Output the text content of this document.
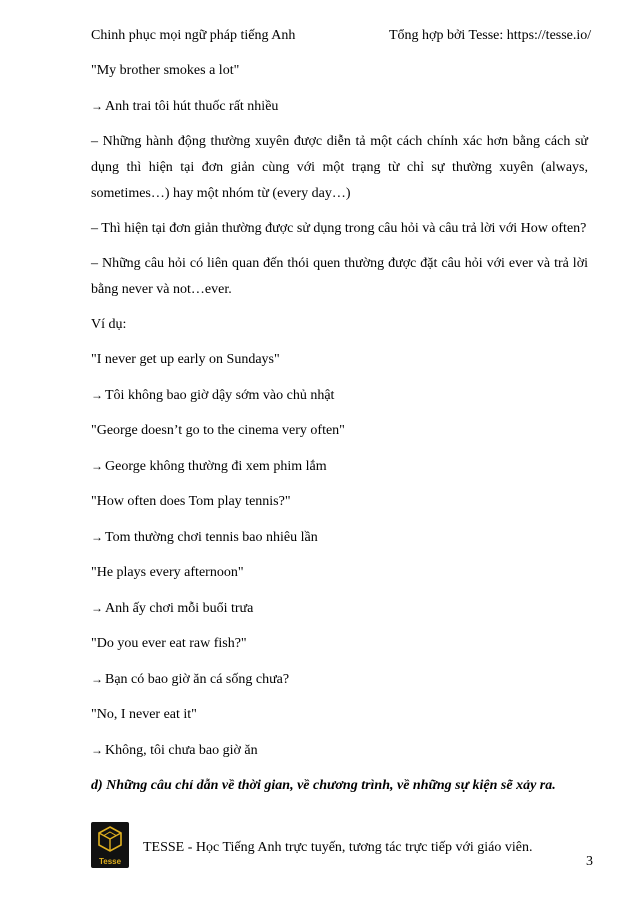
Chinh phục mọi ngữ pháp tiếng Anh	Tổng hợp bởi Tesse: https://tesse.io/

"My brother smokes a lot"

→ Anh trai tôi hút thuốc rất nhiều

– Những hành động thường xuyên được diễn tả một cách chính xác hơn bằng cách sử dụng thì hiện tại đơn giản cùng với một trạng từ chỉ sự thường xuyên (always, sometimes…) hay một nhóm từ (every day…)

– Thì hiện tại đơn giản thường được sử dụng trong câu hỏi và câu trả lời với How often?

– Những câu hỏi có liên quan đến thói quen thường được đặt câu hỏi với ever và trả lời bằng never và not…ever.

Ví dụ:

"I never get up early on Sundays"

→ Tôi không bao giờ dậy sớm vào chủ nhật

"George doesn’t go to the cinema very often"

→ George không thường đi xem phim lắm

"How often does Tom play tennis?"

→ Tom thường chơi tennis bao nhiêu lần

"He plays every afternoon"

→ Anh ấy chơi mỗi buổi trưa

"Do you ever eat raw fish?"

→ Bạn có bao giờ ăn cá sống chưa?

"No, I never eat it"

→ Không, tôi chưa bao giờ ăn

d) Những câu chỉ dẫn về thời gian, về chương trình, về những sự kiện sẽ xảy ra.

Tesse
TESSE - Học Tiếng Anh trực tuyến, tương tác trực tiếp với giáo viên.
3
